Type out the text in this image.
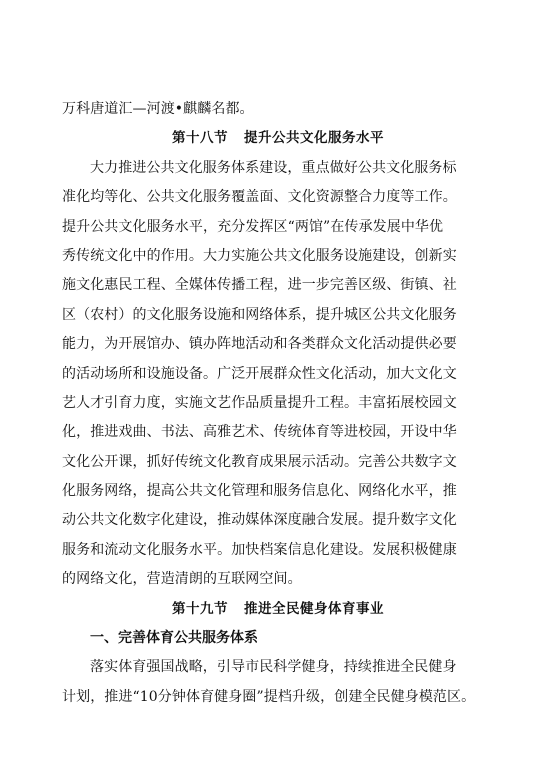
万科唐道汇—河渡•麒麟名都。
第十八节 提升公共文化服务水平
大力推进公共文化服务体系建设，重点做好公共文化服务标
准化均等化、公共文化服务覆盖面、文化资源整合力度等工作。
提升公共文化服务水平，充分发挥区“两馆”在传承发展中华优
秀传统文化中的作用。大力实施公共文化服务设施建设，创新实
施文化惠民工程、全媒体传播工程，进一步完善区级、街镇、社
区（农村）的文化服务设施和网络体系，提升城区公共文化服务
能力，为开展馆办、镇办阵地活动和各类群众文化活动提供必要
的活动场所和设施设备。广泛开展群众性文化活动，加大文化文
艺人才引育力度，实施文艺作品质量提升工程。丰富拓展校园文
化，推进戏曲、书法、高雅艺术、传统体育等进校园，开设中华
文化公开课，抓好传统文化教育成果展示活动。完善公共数字文
化服务网络，提高公共文化管理和服务信息化、网络化水平，推
动公共文化数字化建设，推动媒体深度融合发展。提升数字文化
服务和流动文化服务水平。加快档案信息化建设。发展积极健康
的网络文化，营造清朗的互联网空间。
第十九节 推进全民健身体育事业
一、完善体育公共服务体系
落实体育强国战略，引导市民科学健身，持续推进全民健身
计划，推进“10分钟体育健身圈”提档升级，创建全民健身模范区。
